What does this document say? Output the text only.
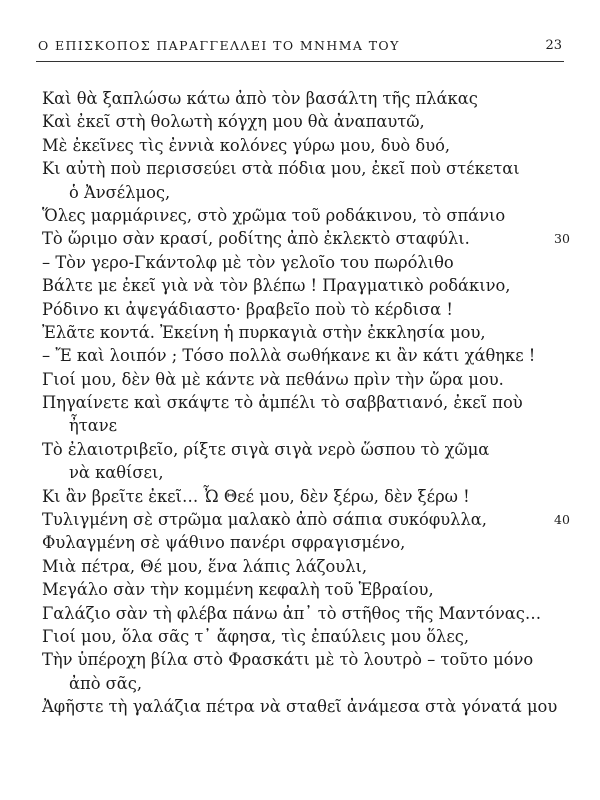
Ο ΕΠΙΣΚΟΠΟΣ ΠΑΡΑΓΓΕΛΛΕΙ ΤΟ ΜΝΗΜΑ ΤΟΥ	23
Καὶ θὰ ξαπλώσω κάτω ἀπὸ τὸν βασάλτη τῆς πλάκας
Καὶ ἐκεῖ στὴ θολωτὴ κόγχη μου θὰ ἀναπαυτῶ,
Μὲ ἐκεῖνες τὶς ἐννιὰ κολόνες γύρω μου, δυὸ δυό,
Κι αὐτὴ ποὺ περισσεύει στὰ πόδια μου, ἐκεῖ ποὺ στέκεται
ὁ Ἀνσέλμος,
Ὅλες μαρμάρινες, στὸ χρῶμα τοῦ ροδάκινου, τὸ σπάνιο
Τὸ ὥριμο σὰν κρασί, ροδίτης ἀπὸ ἐκλεκτὸ σταφύλι.	30
– Τὸν γερο-Γκάντολφ μὲ τὸν γελοῖο του πωρόλιθο
Βάλτε με ἐκεῖ γιὰ νὰ τὸν βλέπω ! Πραγματικὸ ροδάκινο,
Ρόδινο κι ἀψεγάδιαστο· βραβεῖο ποὺ τὸ κέρδισα !
Ἐλᾶτε κοντά. Ἐκείνη ἡ πυρκαγιὰ στὴν ἐκκλησία μου,
– Ἔ καὶ λοιπόν ; Τόσο πολλὰ σωθήκανε κι ἂν κάτι χάθηκε !
Γιοί μου, δὲν θὰ μὲ κάντε νὰ πεθάνω πρὶν τὴν ὥρα μου.
Πηγαίνετε καὶ σκάψτε τὸ ἀμπέλι τὸ σαββατιανό, ἐκεῖ ποὺ
ἦτανε
Τὸ ἐλαιοτριβεῖο, ρίξτε σιγὰ σιγὰ νερὸ ὥσπου τὸ χῶμα
νὰ καθίσει,
Κι ἂν βρεῖτε ἐκεῖ… Ὦ Θεέ μου, δὲν ξέρω, δὲν ξέρω !
Τυλιγμένη σὲ στρῶμα μαλακὸ ἀπὸ σάπια συκόφυλλα,	40
Φυλαγμένη σὲ ψάθινο πανέρι σφραγισμένο,
Μιὰ πέτρα, Θέ μου, ἕνα λάπις λάζουλι,
Μεγάλο σὰν τὴν κομμένη κεφαλὴ τοῦ Ἑβραίου,
Γαλάζιο σὰν τὴ φλέβα πάνω ἀπ᾿ τὸ στῆθος τῆς Μαντόνας…
Γιοί μου, ὅλα σᾶς τ᾿ ἄφησα, τὶς ἐπαύλεις μου ὅλες,
Τὴν ὑπέροχη βίλα στὸ Φρασκάτι μὲ τὸ λουτρὸ – τοῦτο μόνο
ἀπὸ σᾶς,
Ἀφῆστε τὴ γαλάζια πέτρα νὰ σταθεῖ ἀνάμεσα στὰ γόνατά μου
